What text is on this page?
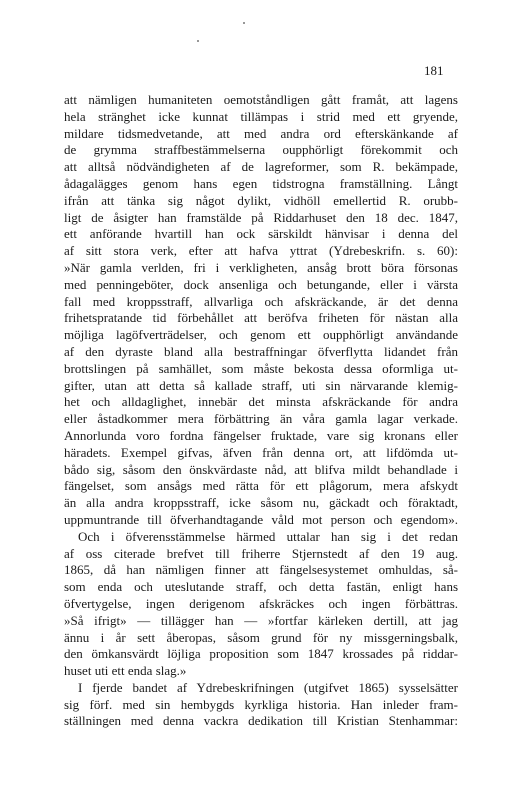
181
att nämligen humaniteten oemotståndligen gått framåt, att lagens
hela stränghet icke kunnat tillämpas i strid med ett gryende,
mildare tidsmedvetande, att med andra ord efterskänkande af
de grymma straffbestämmelserna oupphörligt förekommit och
att alltså nödvändigheten af de lagreformer, som R. bekämpade,
ådagalägges genom hans egen tidstrogna framställning. Långt
ifrån att tänka sig något dylikt, vidhöll emellertid R. orubb-
ligt de åsigter han framstälde på Riddarhuset den 18 dec. 1847,
ett anförande hvartill han ock särskildt hänvisar i denna del
af sitt stora verk, efter att hafva yttrat (Ydrebeskrifn. s. 60):
»När gamla verlden, fri i verkligheten, ansåg brott böra försonas
med penningeböter, dock ansenliga och betungande, eller i värsta
fall med kroppsstraff, allvarliga och afskräckande, är det denna
frihetspratande tid förbehållet att beröfva friheten för nästan alla
möjliga lagöfverträdelser, och genom ett oupphörligt användande
af den dyraste bland alla bestraffningar öfverflytta lidandet från
brottslingen på samhället, som måste bekosta dessa oformliga ut-
gifter, utan att detta så kallade straff, uti sin närvarande klemig-
het och alldaglighet, innebär det minsta afskräckande för andra
eller åstadkommer mera förbättring än våra gamla lagar verkade.
Annorlunda voro fordna fängelser fruktade, vare sig kronans eller
häradets. Exempel gifvas, äfven från denna ort, att lifdömda ut-
bådo sig, såsom den önskvärdaste nåd, att blifva mildt behandlade i
fängelset, som ansågs med rätta för ett plågorum, mera afskydt
än alla andra kroppsstraff, icke såsom nu, gäckadt och föraktadt,
uppmuntrande till öfverhandtagande våld mot person och egendom».
Och i öfverensstämmelse härmed uttalar han sig i det redan
af oss citerade brefvet till friherre Stjernstedt af den 19 aug.
1865, då han nämligen finner att fängelsesystemet omhuldas, så-
som enda och uteslutande straff, och detta fastän, enligt hans
öfvertygelse, ingen derigenom afskräckes och ingen förbättras.
»Så ifrigt» — tillägger han — »fortfar kärleken dertill, att jag
ännu i år sett åberopas, såsom grund för ny missgerningsbalk,
den ömkansvärdt löjliga proposition som 1847 krossades på riddar-
huset uti ett enda slag.»
I fjerde bandet af Ydrebeskrifningen (utgifvet 1865) sysselsätter
sig förf. med sin hembygds kyrkliga historia. Han inleder fram-
ställningen med denna vackra dedikation till Kristian Stenhammar:
